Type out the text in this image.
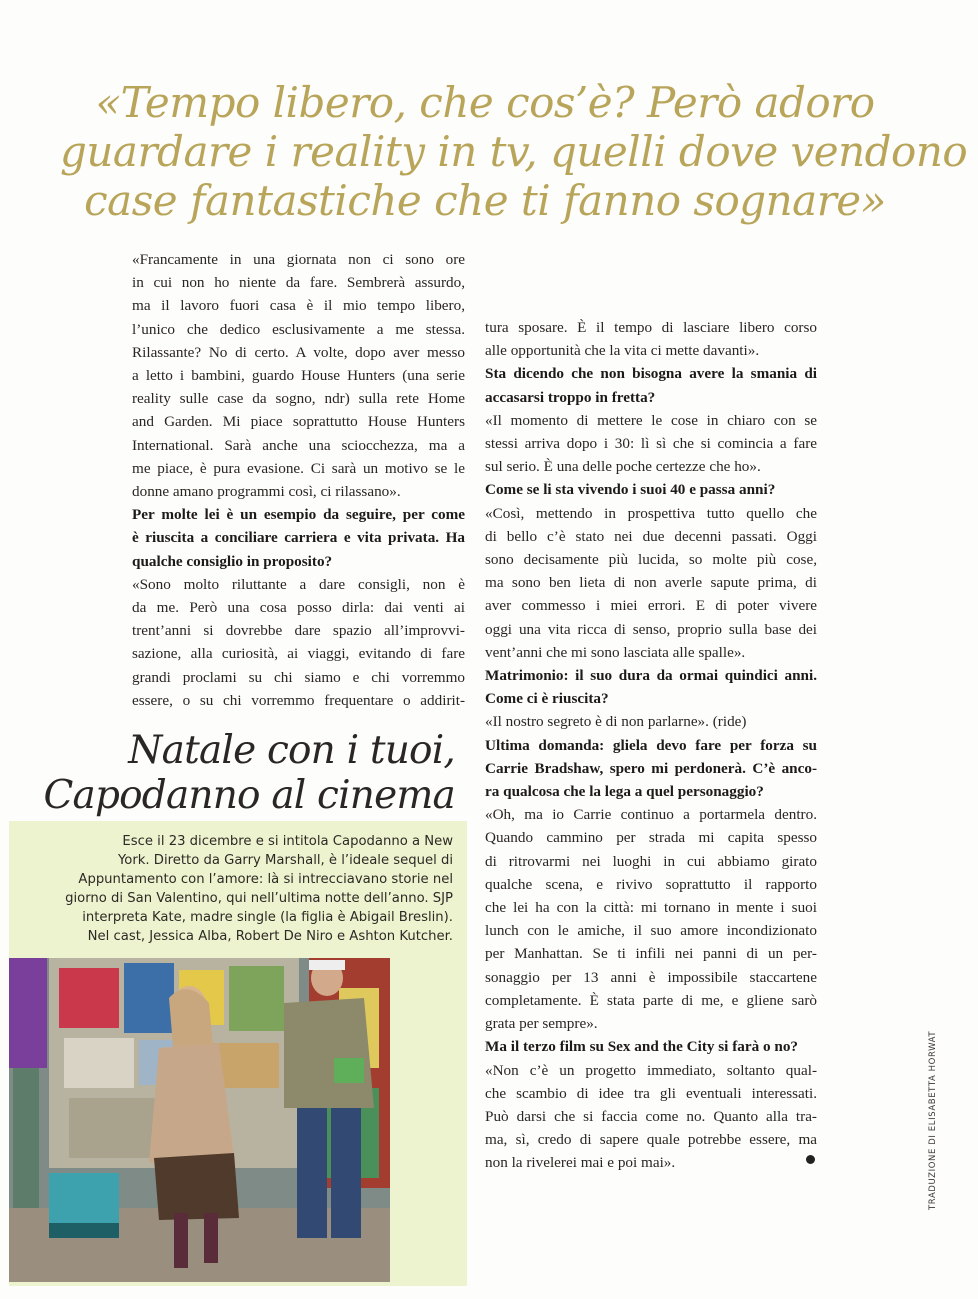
«Tempo libero, che cos’è? Però adoro
guardare i reality in tv, quelli dove vendono
case fantastiche che ti fanno sognare»

«Francamente in una giornata non ci sono ore
in cui non ho niente da fare. Sembrerà assurdo,
ma il lavoro fuori casa è il mio tempo libero,
l’unico che dedico esclusivamente a me stessa.
Rilassante? No di certo. A volte, dopo aver messo
a letto i bambini, guardo House Hunters (una serie
reality sulle case da sogno, ndr) sulla rete Home
and Garden. Mi piace soprattutto House Hunters
International. Sarà anche una sciocchezza, ma a
me piace, è pura evasione. Ci sarà un motivo se le
donne amano programmi così, ci rilassano».

Per molte lei è un esempio da seguire, per come
è riuscita a conciliare carriera e vita privata. Ha
qualche consiglio in proposito?

«Sono molto riluttante a dare consigli, non è
da me. Però una cosa posso dirla: dai venti ai
trent’anni si dovrebbe dare spazio all’improvvi-
sazione, alla curiosità, ai viaggi, evitando di fare
grandi proclami su chi siamo e chi vorremmo
essere, o su chi vorremmo frequentare o addirit-

tura sposare. È il tempo di lasciare libero corso
alle opportunità che la vita ci mette davanti».

Sta dicendo che non bisogna avere la smania di
accasarsi troppo in fretta?

«Il momento di mettere le cose in chiaro con se
stessi arriva dopo i 30: lì sì che si comincia a fare
sul serio. È una delle poche certezze che ho».

Come se li sta vivendo i suoi 40 e passa anni?

«Così, mettendo in prospettiva tutto quello che
di bello c’è stato nei due decenni passati. Oggi
sono decisamente più lucida, so molte più cose,
ma sono ben lieta di non averle sapute prima, di
aver commesso i miei errori. E di poter vivere
oggi una vita ricca di senso, proprio sulla base dei
vent’anni che mi sono lasciata alle spalle».

Matrimonio: il suo dura da ormai quindici anni.
Come ci è riuscita?

«Il nostro segreto è di non parlarne». (ride)

Ultima domanda: gliela devo fare per forza su
Carrie Bradshaw, spero mi perdonerà. C’è anco-
ra qualcosa che la lega a quel personaggio?

«Oh, ma io Carrie continuo a portarmela dentro.
Quando cammino per strada mi capita spesso
di ritrovarmi nei luoghi in cui abbiamo girato
qualche scena, e rivivo soprattutto il rapporto
che lei ha con la città: mi tornano in mente i suoi
lunch con le amiche, il suo amore incondizionato
per Manhattan. Se ti infili nei panni di un per-
sonaggio per 13 anni è impossibile staccartene
completamente. È stata parte di me, e gliene sarò
grata per sempre».

Ma il terzo film su Sex and the City si farà o no?

«Non c’è un progetto immediato, soltanto qual-
che scambio di idee tra gli eventuali interessati.
Può darsi che si faccia come no. Quanto alla tra-
ma, sì, credo di sapere quale potrebbe essere, ma
non la rivelerei mai e poi mai».

Natale con i tuoi,
Capodanno al cinema
Esce il 23 dicembre e si intitola Capodanno a New
York. Diretto da Garry Marshall, è l’ideale sequel di
Appuntamento con l’amore: là si intrecciavano storie nel
giorno di San Valentino, qui nell’ultima notte dell’anno. SJP
interpreta Kate, madre single (la figlia è Abigail Breslin).
Nel cast, Jessica Alba, Robert De Niro e Ashton Kutcher.
TRADUZIONE DI ELISABETTA HORWAT
